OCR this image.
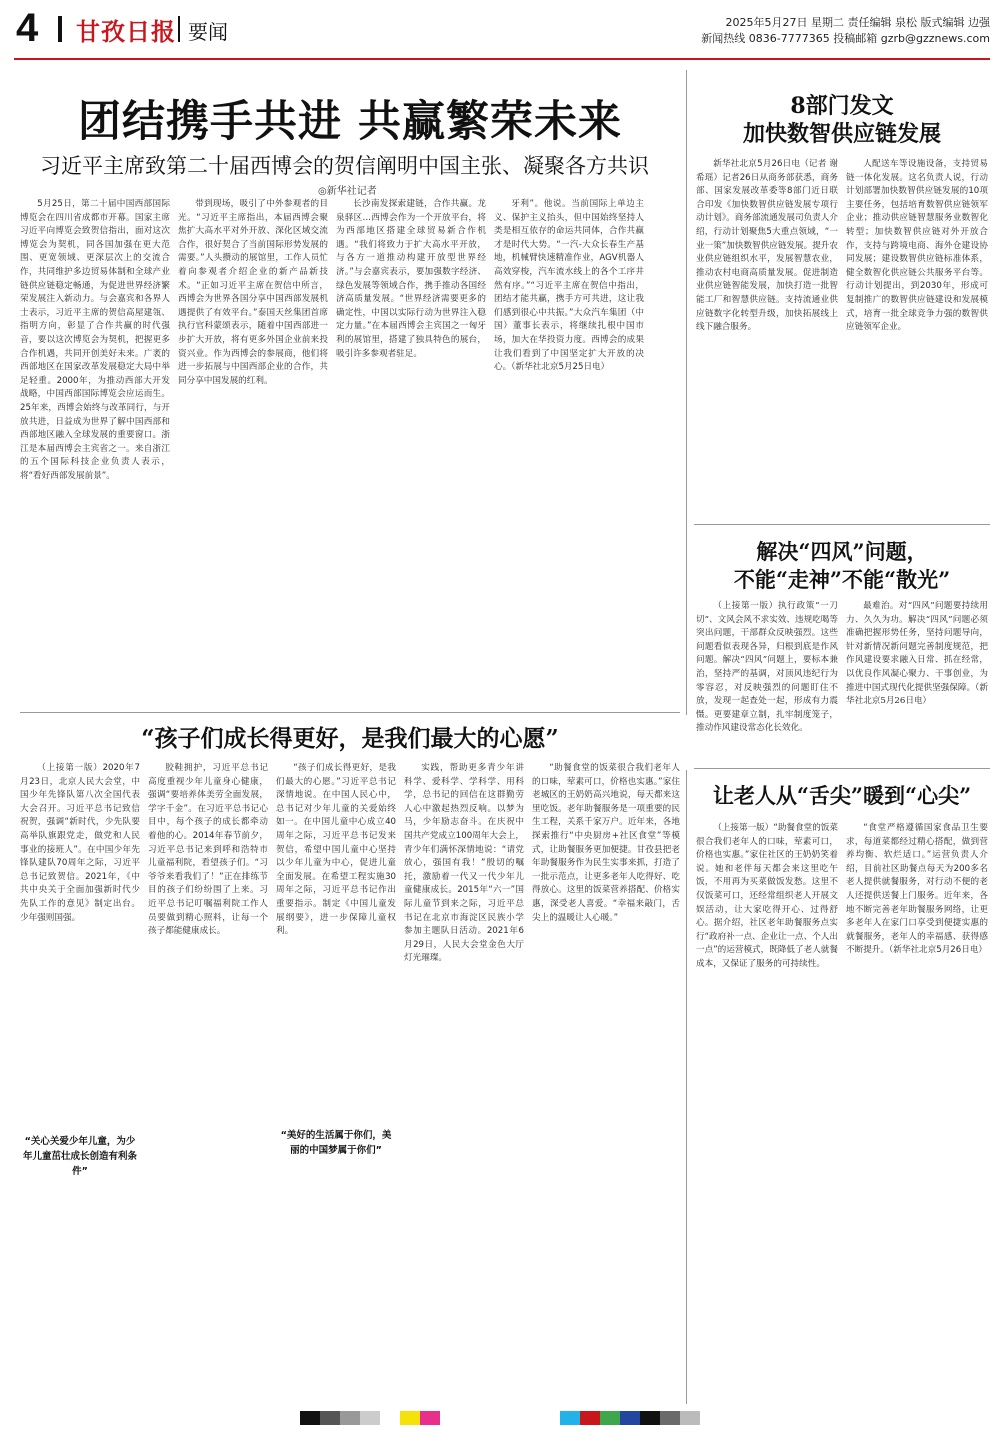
4 甘孜日报 要闻	2025年5月27日 星期二 责任编辑 泉松 版式编辑 边强
新闻热线 0836-7777365 投稿邮箱 gzrb@gzznews.com
团结携手共进 共赢繁荣未来
习近平主席致第二十届西博会的贺信阐明中国主张、凝聚各方共识
◎新华社记者
5月25日，第二十届中国西部国际博览会在四川省成都市开幕。国家主席习近平向博览会致贺信指出，面对这次博览会为契机，同各国加强在更大范围、更宽领域、更深层次上的交流合作，共同维护多边贸易体制和全球产业链供应链稳定畅通，为促进世界经济繁荣发展注入新动力。与会嘉宾和各界人士表示，习近平主席的贺信高屋建瓴、指明方向，彰显了合作共赢的时代强音，要以这次博览会为契机，把握更多合作机遇，共同开创美好未来。广袤的西部地区在国家改革发展稳定大局中举足轻重。2000年，为推动西部大开发战略，中国西部国际博览会应运而生。25年来，西博会始终与改革同行，与开放共进，日益成为世界了解中国西部和西部地区融入全球发展的重要窗口。浙江是本届西博会主宾省之一。来自浙江的五个国际科技企业负责人表示，将“看好西部发展前景”。
带到现场，吸引了中外参观者的目光。“习近平主席指出，本届西博会聚焦扩大高水平对外开放、深化区域交流合作，很好契合了当前国际形势发展的需要。”人头攒动的展馆里，工作人员忙着向参观者介绍企业的新产品新技术。“正如习近平主席在贺信中所言，西博会为世界各国分享中国西部发展机遇提供了有效平台。”泰国天丝集团首席执行官科蒙颂表示，随着中国西部进一步扩大开放，将有更多外国企业前来投资兴业。作为西博会的参展商，他们将进一步拓展与中国西部企业的合作，共同分享中国发展的红利。
长沙南发探索建链，合作共赢。龙泉驿区…西博会作为一个开放平台，将为西部地区搭建全球贸易新合作机遇。“我们将致力于扩大高水平开放，与各方一道推动构建开放型世界经济。”与会嘉宾表示，要加强数字经济、绿色发展等领域合作，携手推动各国经济高质量发展。“世界经济需要更多的确定性，中国以实际行动为世界注入稳定力量。”在本届西博会主宾国之一匈牙利的展馆里，搭建了独具特色的展台，吸引许多参观者驻足。
牙利”。他说。当前国际上单边主义、保护主义抬头，但中国始终坚持人类是相互依存的命运共同体，合作共赢才是时代大势。“一汽-大众长春生产基地，机械臂快速精准作业，AGV机器人高效穿梭，汽车流水线上的各个工序井然有序。”“习近平主席在贺信中指出，团结才能共赢，携手方可共进，这让我们感到很心中共振。”大众汽车集团（中国）董事长表示，将继续扎根中国市场，加大在华投资力度。西博会的成果让我们看到了中国坚定扩大开放的决心。（新华社北京5月25日电）
8部门发文
加快数智供应链发展
新华社北京5月26日电（记者 谢希瑶）记者26日从商务部获悉，商务部、国家发展改革委等8部门近日联合印发《加快数智供应链发展专项行动计划》。商务部流通发展司负责人介绍，行动计划聚焦5大重点领域，“一业一策”加快数智供应链发展。提升农业供应链组织水平，发展智慧农业，推动农村电商高质量发展。促进制造业供应链智能发展，加快打造一批智能工厂和智慧供应链。支持流通业供应链数字化转型升级，加快拓展线上线下融合服务。
人配送车等设施设备，支持贸易链一体化发展。这名负责人说，行动计划部署加快数智供应链发展的10项主要任务，包括培育数智供应链领军企业；推动供应链智慧服务业数智化转型；加快数智供应链对外开放合作，支持与跨境电商、海外仓建设协同发展；建设数智供应链标准体系，健全数智化供应链公共服务平台等。行动计划提出，到2030年，形成可复制推广的数智供应链建设和发展模式，培育一批全球竞争力强的数智供应链领军企业。
解决“四风”问题，
不能“走神”不能“散光”
（上接第一版）执行政策“一刀切”、文风会风不求实效、违规吃喝等突出问题，干部群众反映强烈。这些问题看似表现各异，归根到底是作风问题。解决“四风”问题上，要标本兼治，坚持严的基调，对顶风违纪行为零容忍，对反映强烈的问题盯住不放，发现一起查处一起，形成有力震慑。更要建章立制，扎牢制度笼子，推动作风建设常态化长效化。
最难治。对“四风”问题要持续用力、久久为功。解决“四风”问题必须准确把握形势任务，坚持问题导向，针对新情况新问题完善制度规范，把作风建设要求融入日常、抓在经常，以优良作风凝心聚力、干事创业，为推进中国式现代化提供坚强保障。（新华社北京5月26日电）
让老人从“舌尖”暖到“心尖”
（上接第一版）“助餐食堂的饭菜很合我们老年人的口味，荤素可口，价格也实惠。”家住社区的王奶奶笑着说。她和老伴每天都会来这里吃午饭，不用再为买菜做饭发愁。这里不仅饭菜可口，还经常组织老人开展文娱活动，让大家吃得开心、过得舒心。据介绍，社区老年助餐服务点实行“政府补一点、企业让一点、个人出一点”的运营模式，既降低了老人就餐成本，又保证了服务的可持续性。
“食堂严格遵循国家食品卫生要求，每道菜都经过精心搭配，做到营养均衡、软烂适口。”运营负责人介绍，目前社区助餐点每天为200多名老人提供就餐服务，对行动不便的老人还提供送餐上门服务。近年来，各地不断完善老年助餐服务网络，让更多老年人在家门口享受到便捷实惠的就餐服务，老年人的幸福感、获得感不断提升。（新华社北京5月26日电）
“孩子们成长得更好，是我们最大的心愿”
（上接第一版）2020年7月23日，北京人民大会堂，中国少年先锋队第八次全国代表大会召开。习近平总书记致信祝贺，强调“新时代，少先队要高举队旗跟党走，做党和人民事业的接班人”。在中国少年先锋队建队70周年之际，习近平总书记致贺信。2021年，《中共中央关于全面加强新时代少先队工作的意见》制定出台。少年强则国强。
胶鞋拥护，习近平总书记高度重视少年儿童身心健康，强调“要培养体美劳全面发展，学字千金”。在习近平总书记心目中，每个孩子的成长都牵动着他的心。2014年春节前夕，习近平总书记来到呼和浩特市儿童福利院，看望孩子们。“习爷爷来看我们了！”正在排练节目的孩子们纷纷围了上来。习近平总书记叮嘱福利院工作人员要做到精心照料，让每一个孩子都能健康成长。
“孩子们成长得更好，是我们最大的心愿。”习近平总书记深情地说。在中国人民心中，总书记对少年儿童的关爱始终如一。在中国儿童中心成立40周年之际，习近平总书记发来贺信，希望中国儿童中心坚持以少年儿童为中心，促进儿童全面发展。在希望工程实施30周年之际，习近平总书记作出重要指示。制定《中国儿童发展纲要》，进一步保障儿童权利。
实践，帮助更多青少年讲科学、爱科学、学科学、用科学，总书记的回信在这群勤劳人心中激起热烈反响。以梦为马，少年励志奋斗。在庆祝中国共产党成立100周年大会上，青少年们满怀深情地说：“请党放心，强国有我！”殷切的嘱托，激励着一代又一代少年儿童健康成长。2015年“六一”国际儿童节到来之际，习近平总书记在北京市海淀区民族小学参加主题队日活动。2021年6月29日，人民大会堂金色大厅灯光璀璨。
“助餐食堂的饭菜很合我们老年人的口味，荤素可口，价格也实惠。”家住老城区的王奶奶高兴地说，每天都来这里吃饭。老年助餐服务是一项重要的民生工程，关系千家万户。近年来，各地探索推行“中央厨房+社区食堂”等模式，让助餐服务更加便捷。甘孜县把老年助餐服务作为民生实事来抓，打造了一批示范点，让更多老年人吃得好、吃得放心。这里的饭菜营养搭配、价格实惠，深受老人喜爱。“幸福来敲门，舌尖上的温暖让人心暖。”
“关心关爱少年儿童，为少年儿童茁壮成长创造有利条件”
“美好的生活属于你们，美丽的中国梦属于你们”
